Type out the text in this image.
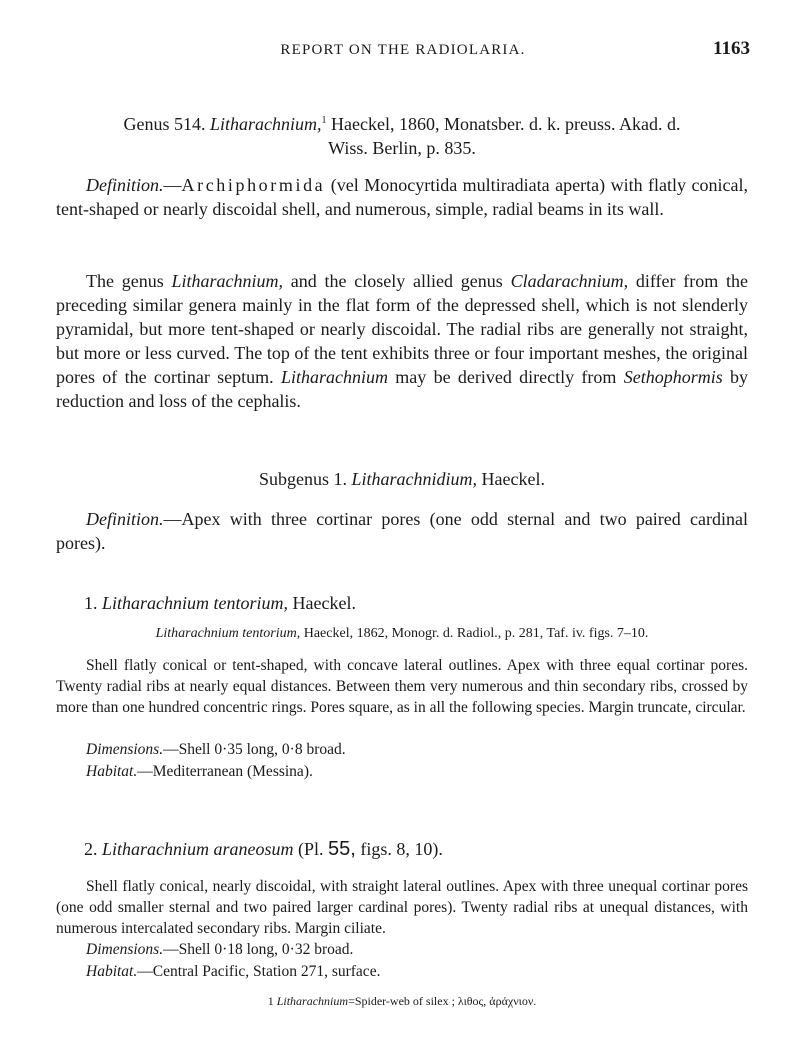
REPORT ON THE RADIOLARIA.	1163
Genus 514. Litharachnium,$^1$ Haeckel, 1860, Monatsber. d. k. preuss. Akad. d.
Wiss. Berlin, p. 835.
Definition.—Archiphormida (vel Monocyrtida multiradiata aperta) with flatly conical, tent-shaped or nearly discoidal shell, and numerous, simple, radial beams in its wall.
The genus Litharachnium, and the closely allied genus Cladarachnium, differ from the preceding similar genera mainly in the flat form of the depressed shell, which is not slenderly pyramidal, but more tent-shaped or nearly discoidal. The radial ribs are generally not straight, but more or less curved. The top of the tent exhibits three or four important meshes, the original pores of the cortinar septum. Litharachnium may be derived directly from Sethophormis by reduction and loss of the cephalis.
Subgenus 1. Litharachnidium, Haeckel.
Definition.—Apex with three cortinar pores (one odd sternal and two paired cardinal pores).
1. Litharachnium tentorium, Haeckel.
Litharachnium tentorium, Haeckel, 1862, Monogr. d. Radiol., p. 281, Taf. iv. figs. 7–10.
Shell flatly conical or tent-shaped, with concave lateral outlines. Apex with three equal cortinar pores. Twenty radial ribs at nearly equal distances. Between them very numerous and thin secondary ribs, crossed by more than one hundred concentric rings. Pores square, as in all the following species. Margin truncate, circular.
Dimensions.—Shell 0·35 long, 0·8 broad.
Habitat.—Mediterranean (Messina).
2. Litharachnium araneosum (Pl. 55, figs. 8, 10).
Shell flatly conical, nearly discoidal, with straight lateral outlines. Apex with three unequal cortinar pores (one odd smaller sternal and two paired larger cardinal pores). Twenty radial ribs at unequal distances, with numerous intercalated secondary ribs. Margin ciliate.
Dimensions.—Shell 0·18 long, 0·32 broad.
Habitat.—Central Pacific, Station 271, surface.
1 Litharachnium=Spider-web of silex ; λιθος, ἀράχνιον.
